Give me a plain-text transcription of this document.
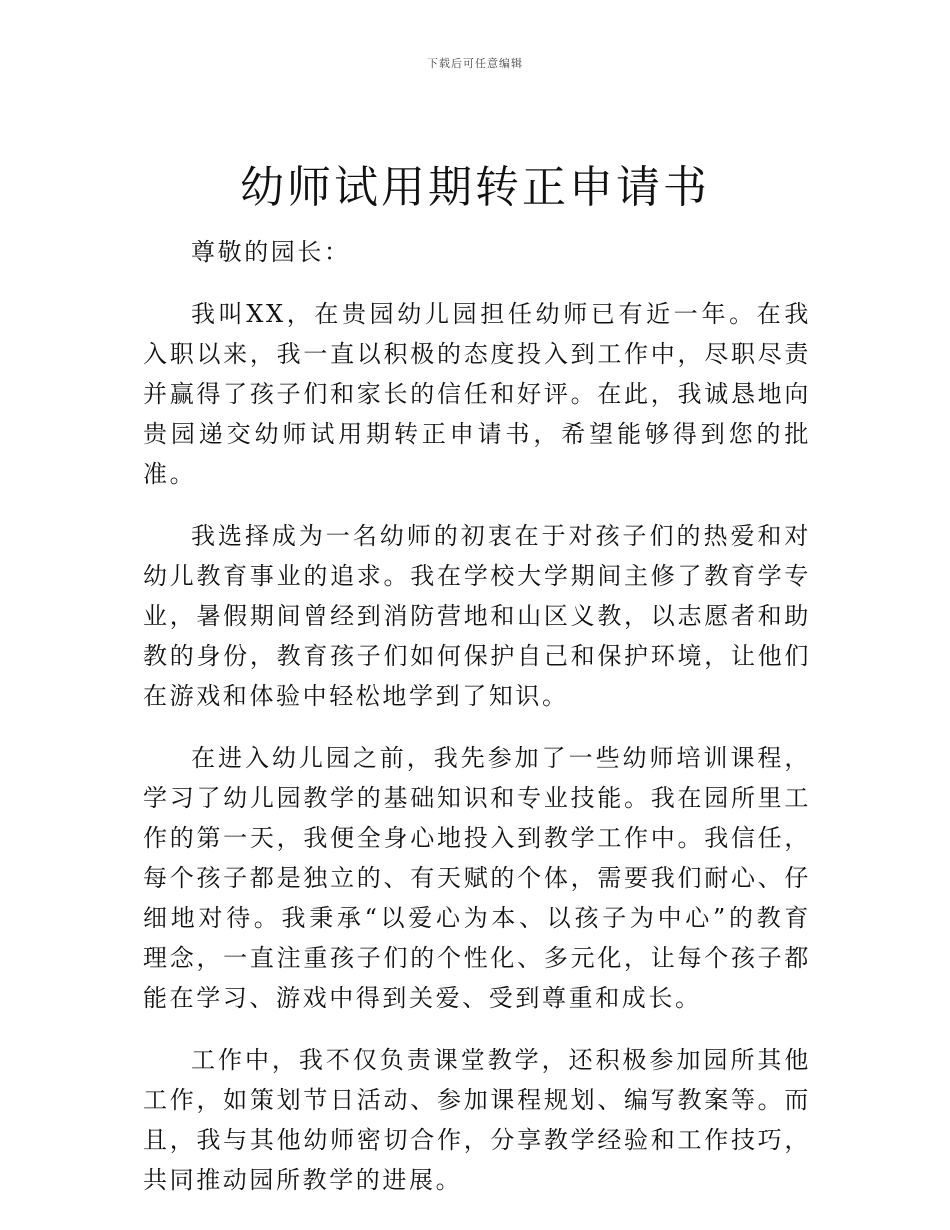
下载后可任意编辑
幼师试用期转正申请书

尊敬的园长：

我叫XX，在贵园幼儿园担任幼师已有近一年。在我入职以来，我一直以积极的态度投入到工作中，尽职尽责并赢得了孩子们和家长的信任和好评。在此，我诚恳地向贵园递交幼师试用期转正申请书，希望能够得到您的批准。

我选择成为一名幼师的初衷在于对孩子们的热爱和对幼儿教育事业的追求。我在学校大学期间主修了教育学专业，暑假期间曾经到消防营地和山区义教，以志愿者和助教的身份，教育孩子们如何保护自己和保护环境，让他们在游戏和体验中轻松地学到了知识。

在进入幼儿园之前，我先参加了一些幼师培训课程，学习了幼儿园教学的基础知识和专业技能。我在园所里工作的第一天，我便全身心地投入到教学工作中。我信任，每个孩子都是独立的、有天赋的个体，需要我们耐心、仔细地对待。我秉承“以爱心为本、以孩子为中心”的教育理念，一直注重孩子们的个性化、多元化，让每个孩子都能在学习、游戏中得到关爱、受到尊重和成长。

工作中，我不仅负责课堂教学，还积极参加园所其他工作，如策划节日活动、参加课程规划、编写教案等。而且，我与其他幼师密切合作，分享教学经验和工作技巧，共同推动园所教学的进展。
